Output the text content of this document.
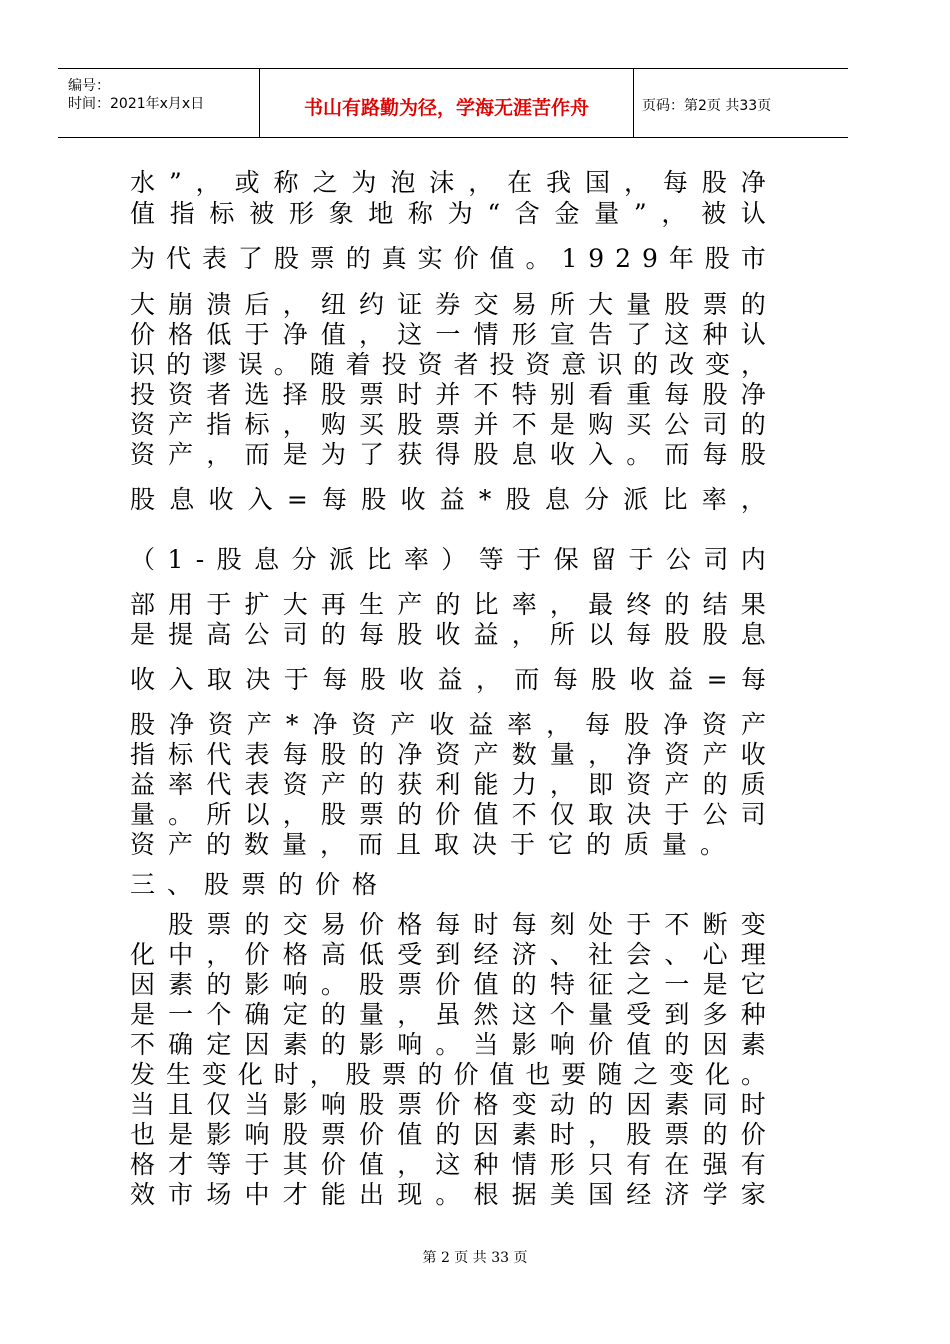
编号：
时间：2021年x月x日	书山有路勤为径，学海无涯苦作舟	页码：第2页 共33页
水 ” ， 或 称 之 为 泡 沫 ， 在 我 国 ， 每 股 净
值 指 标 被 形 象 地 称 为 “ 含 金 量 ” ， 被 认
为 代 表 了 股 票 的 真 实 价 值 。 1 9 2 9 年 股 市
大 崩 溃 后 ， 纽 约 证 券 交 易 所 大 量 股 票 的
价 格 低 于 净 值 ， 这 一 情 形 宣 告 了 这 种 认
识 的 谬 误 。 随 着 投 资 者 投 资 意 识 的 改 变 ，
投 资 者 选 择 股 票 时 并 不 特 别 看 重 每 股 净
资 产 指 标 ， 购 买 股 票 并 不 是 购 买 公 司 的
资 产 ， 而 是 为 了 获 得 股 息 收 入 。 而 每 股
股 息 收 入 = 每 股 收 益 * 股 息 分 派 比 率 ，
（ 1 - 股 息 分 派 比 率 ） 等 于 保 留 于 公 司 内
部 用 于 扩 大 再 生 产 的 比 率 ， 最 终 的 结 果
是 提 高 公 司 的 每 股 收 益 ， 所 以 每 股 股 息
收 入 取 决 于 每 股 收 益 ， 而 每 股 收 益 = 每
股 净 资 产 * 净 资 产 收 益 率 ， 每 股 净 资 产
指 标 代 表 每 股 的 净 资 产 数 量 ， 净 资 产 收
益 率 代 表 资 产 的 获 利 能 力 ， 即 资 产 的 质
量 。 所 以 ， 股 票 的 价 值 不 仅 取 决 于 公 司
资产的数量，而且取决于它的质量。
三、股票的价格

股 票 的 交 易 价 格 每 时 每 刻 处 于 不 断 变
化 中 ， 价 格 高 低 受 到 经 济 、 社 会 、 心 理
因 素 的 影 响 。 股 票 价 值 的 特 征 之 一 是 它
是 一 个 确 定 的 量 ， 虽 然 这 个 量 受 到 多 种
不 确 定 因 素 的 影 响 。 当 影 响 价 值 的 因 素
发 生 变 化 时 ， 股 票 的 价 值 也 要 随 之 变 化 。
当 且 仅 当 影 响 股 票 价 格 变 动 的 因 素 同 时
也 是 影 响 股 票 价 值 的 因 素 时 ， 股 票 的 价
格 才 等 于 其 价 值 ， 这 种 情 形 只 有 在 强 有
效 市 场 中 才 能 出 现 。 根 据 美 国 经 济 学 家
第 2 页 共 33 页
